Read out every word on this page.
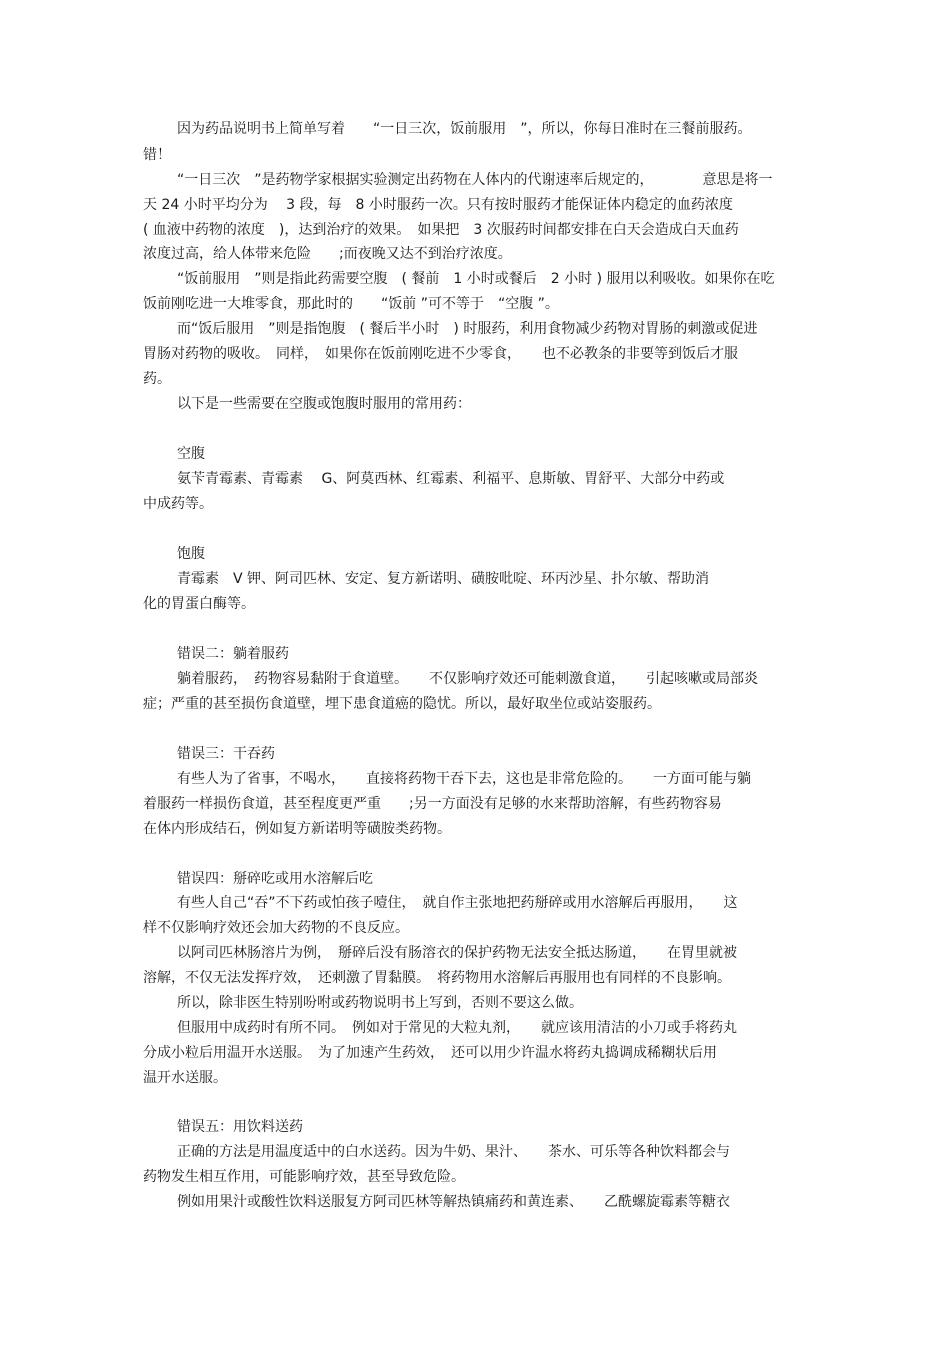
因为药品说明书上简单写着　　“一日三次，饭前服用　”，所以，你每日准时在三餐前服药。
错！
“一日三次　”是药物学家根据实验测定出药物在人体内的代谢速率后规定的，　　　　意思是将一
天 24 小时平均分为　 3 段，每　8 小时服药一次。只有按时服药才能保证体内稳定的血药浓度
( 血液中药物的浓度　)，达到治疗的效果。　如果把　3 次服药时间都安排在白天会造成白天血药
浓度过高，给人体带来危险　　;而夜晚又达不到治疗浓度。
“饭前服用　”则是指此药需要空腹　( 餐前　1 小时或餐后　2 小时 ) 服用以利吸收。如果你在吃
饭前刚吃进一大堆零食，那此时的　　“饭前 ”可不等于　“空腹 ”。
而“饭后服用　”则是指饱腹　( 餐后半小时　) 时服药，利用食物减少药物对胃肠的刺激或促进
胃肠对药物的吸收。　同样，　如果你在饭前刚吃进不少零食，　　也不必教条的非要等到饭后才服
药。
以下是一些需要在空腹或饱腹时服用的常用药：
空腹
氨苄青霉素、青霉素　 G、阿莫西林、红霉素、利福平、息斯敏、胃舒平、大部分中药或
中成药等。
饱腹
青霉素　V 钾、阿司匹林、安定、复方新诺明、磺胺吡啶、环丙沙星、扑尔敏、帮助消
化的胃蛋白酶等。
错误二：躺着服药
躺着服药，　药物容易黏附于食道壁。　　不仅影响疗效还可能刺激食道，　　引起咳嗽或局部炎
症；严重的甚至损伤食道壁，埋下患食道癌的隐忧。所以，最好取坐位或站姿服药。
错误三：干吞药
有些人为了省事，不喝水，　　直接将药物干吞下去，这也是非常危险的。　　一方面可能与躺
着服药一样损伤食道，甚至程度更严重　　;另一方面没有足够的水来帮助溶解，有些药物容易
在体内形成结石，例如复方新诺明等磺胺类药物。
错误四：掰碎吃或用水溶解后吃
有些人自己“吞”不下药或怕孩子噎住，　就自作主张地把药掰碎或用水溶解后再服用，　　这
样不仅影响疗效还会加大药物的不良反应。
以阿司匹林肠溶片为例，　掰碎后没有肠溶衣的保护药物无法安全抵达肠道，　　在胃里就被
溶解，不仅无法发挥疗效，　还刺激了胃黏膜。　将药物用水溶解后再服用也有同样的不良影响。
所以，除非医生特别吩咐或药物说明书上写到，否则不要这么做。
但服用中成药时有所不同。　例如对于常见的大粒丸剂，　　就应该用清洁的小刀或手将药丸
分成小粒后用温开水送服。　为了加速产生药效，　还可以用少许温水将药丸捣调成稀糊状后用
温开水送服。
错误五：用饮料送药
正确的方法是用温度适中的白水送药。因为牛奶、果汁、　　茶水、可乐等各种饮料都会与
药物发生相互作用，可能影响疗效，甚至导致危险。
例如用果汁或酸性饮料送服复方阿司匹林等解热镇痛药和黄连素、　　乙酰螺旋霉素等糖衣
